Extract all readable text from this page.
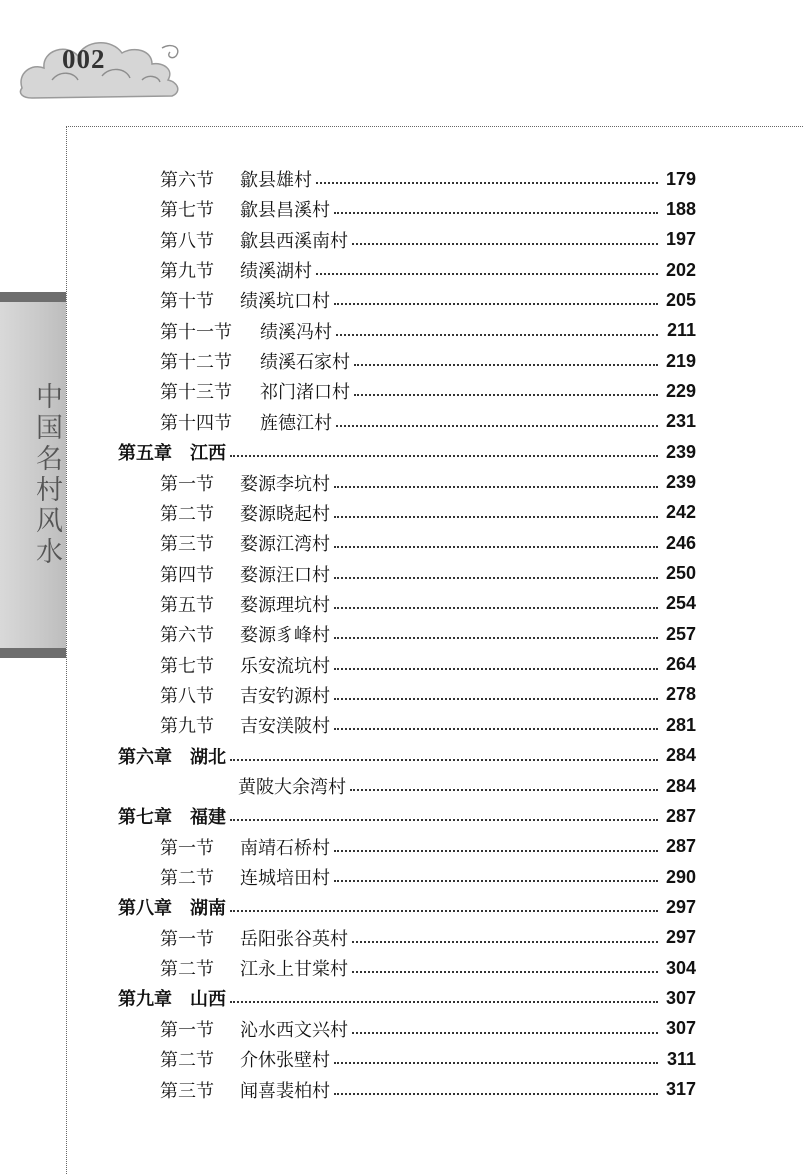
002
中国名村风水
第六节 歙县雄村	179
第七节 歙县昌溪村	188
第八节 歙县西溪南村	197
第九节 绩溪湖村	202
第十节 绩溪坑口村	205
第十一节 绩溪冯村	211
第十二节 绩溪石家村	219
第十三节 祁门渚口村	229
第十四节 旌德江村	231
第五章 江西	239
第一节 婺源李坑村	239
第二节 婺源晓起村	242
第三节 婺源江湾村	246
第四节 婺源汪口村	250
第五节 婺源理坑村	254
第六节 婺源豸峰村	257
第七节 乐安流坑村	264
第八节 吉安钓源村	278
第九节 吉安渼陂村	281
第六章 湖北	284
黄陂大余湾村	284
第七章 福建	287
第一节 南靖石桥村	287
第二节 连城培田村	290
第八章 湖南	297
第一节 岳阳张谷英村	297
第二节 江永上甘棠村	304
第九章 山西	307
第一节 沁水西文兴村	307
第二节 介休张壁村	311
第三节 闻喜裴柏村	317
